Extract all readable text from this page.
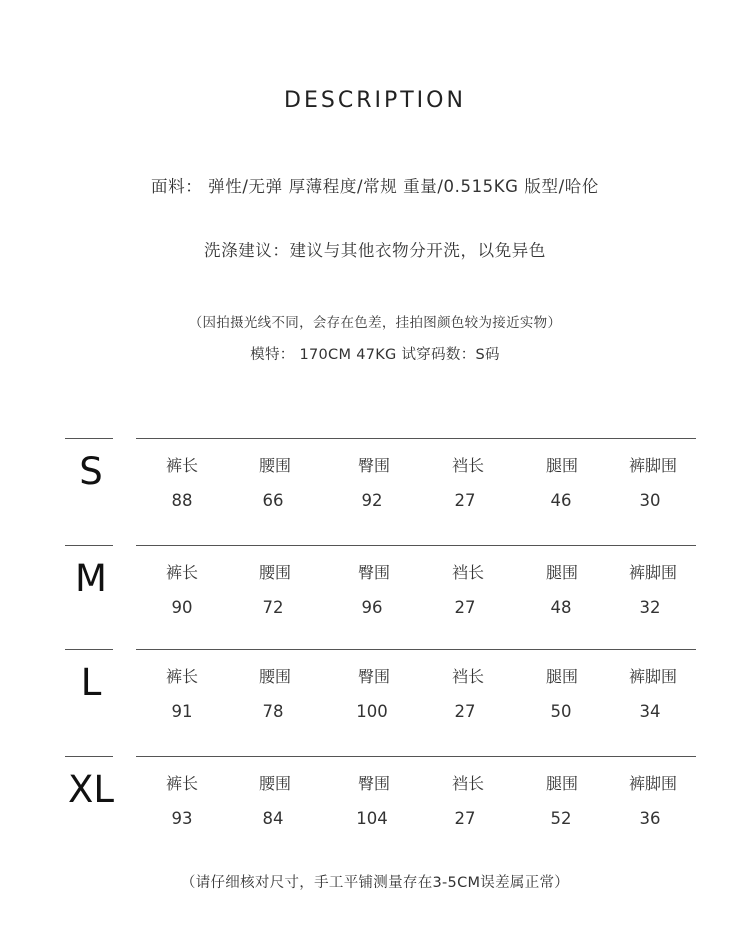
DESCRIPTION
面料： 弹性/无弹 厚薄程度/常规 重量/0.515KG 版型/哈伦
洗涤建议：建议与其他衣物分开洗，以免异色
（因拍摄光线不同，会存在色差，挂拍图颜色较为接近实物）
模特： 170CM 47KG 试穿码数：S码
S	裤长	腰围	臀围	裆长	腿围	裤脚围
88	66	92	27	46	30
M	裤长	腰围	臀围	裆长	腿围	裤脚围
90	72	96	27	48	32
L	裤长	腰围	臀围	裆长	腿围	裤脚围
91	78	100	27	50	34
XL	裤长	腰围	臀围	裆长	腿围	裤脚围
93	84	104	27	52	36
（请仔细核对尺寸，手工平铺测量存在3-5CM误差属正常）
